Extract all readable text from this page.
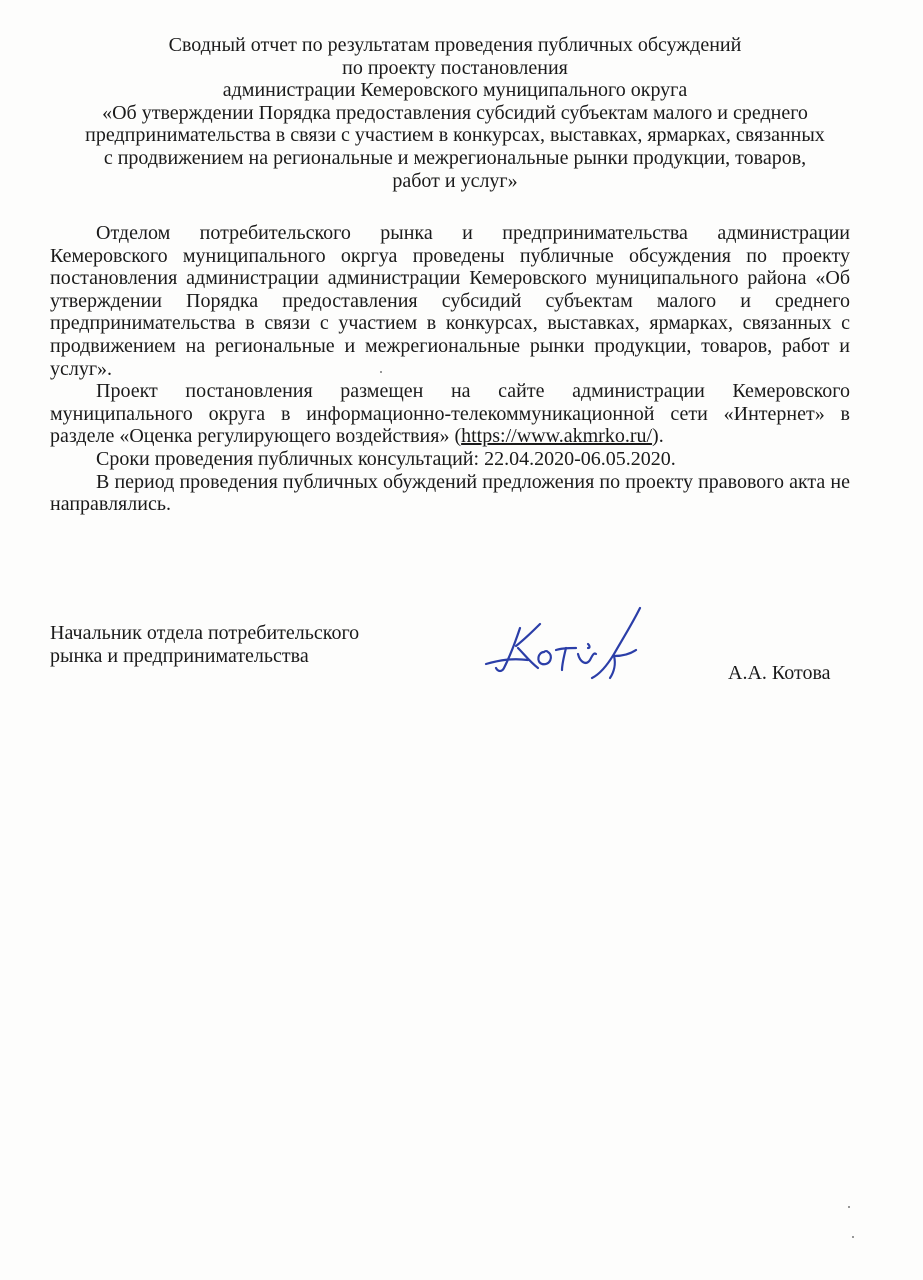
Сводный отчет по результатам проведения публичных обсуждений
по проекту постановления
администрации Кемеровского муниципального округа
«Об утверждении Порядка предоставления субсидий субъектам малого и среднего
предпринимательства в связи с участием в конкурсах, выставках, ярмарках, связанных
с продвижением на региональные и межрегиональные рынки продукции, товаров,
работ и услуг»

Отделом потребительского рынка и предпринимательства администрации Кемеровского муниципального окргуа проведены публичные обсуждения по проекту постановления администрации администрации Кемеровского муниципального района «Об утверждении Порядка предоставления субсидий субъектам малого и среднего предпринимательства в связи с участием в конкурсах, выставках, ярмарках, связанных с продвижением на региональные и межрегиональные рынки продукции, товаров, работ и услуг».

Проект постановления размещен на сайте администрации Кемеровского муниципального округа в информационно-телекоммуникационной сети «Интернет» в разделе «Оценка регулирующего воздействия» (https://www.akmrko.ru/).

Сроки проведения публичных консультаций: 22.04.2020-06.05.2020.

В период проведения публичных обуждений предложения по проекту правового акта не направлялись.

Начальник отдела потребительского
рынка и предпринимательства
А.А. Котова
